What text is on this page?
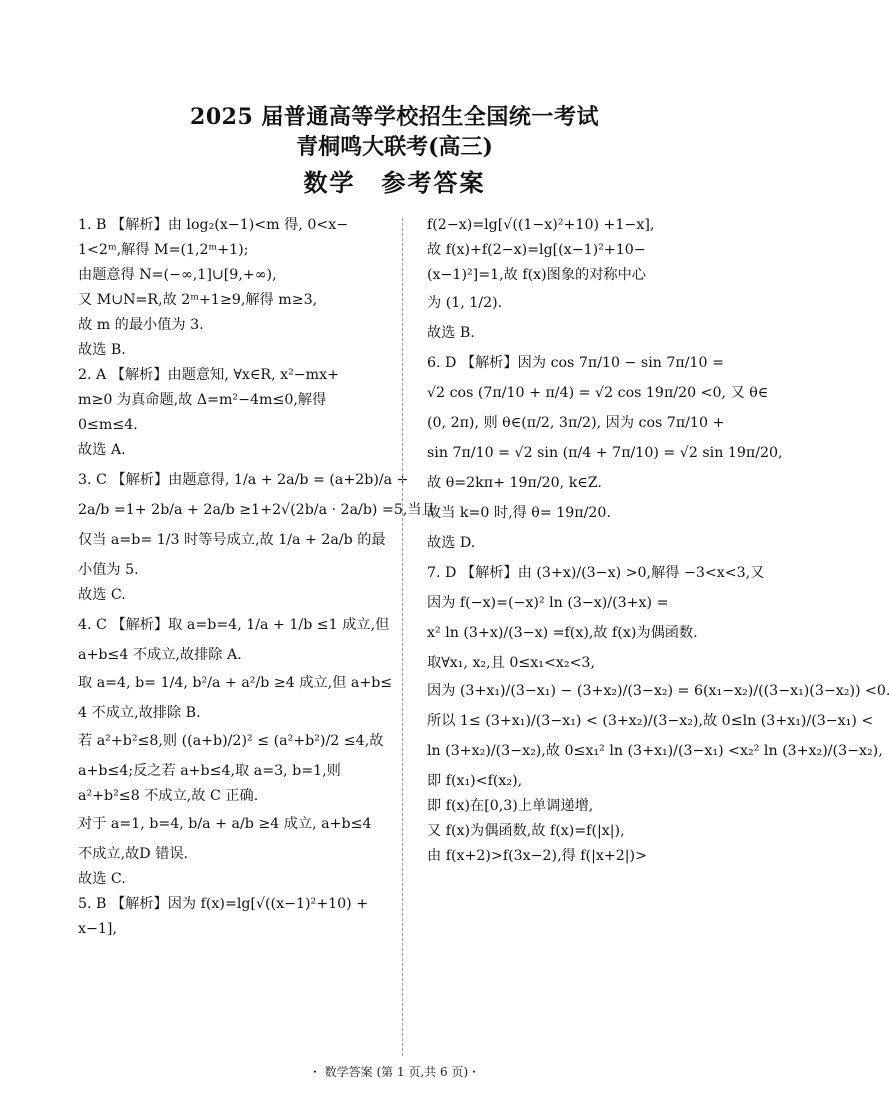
2025 届普通高等学校招生全国统一考试
青桐鸣大联考(高三)
数学　参考答案
1. B 【解析】由 log₂(x−1)<m 得, 0<x−
1<2ᵐ,解得 M=(1,2ᵐ+1);
由题意得 N=(−∞,1]∪[9,+∞),
又 M∪N=R,故 2ᵐ+1≥9,解得 m≥3,
故 m 的最小值为 3.
故选 B.
2. A 【解析】由题意知, ∀x∈R, x²−mx+
m≥0 为真命题,故 Δ=m²−4m≤0,解得
0≤m≤4.
故选 A.
3. C 【解析】由题意得, 1/a + 2a/b = (a+2b)/a +
2a/b =1+ 2b/a + 2a/b ≥1+2√(2b/a · 2a/b) =5,当且
仅当 a=b= 1/3 时等号成立,故 1/a + 2a/b 的最
小值为 5.
故选 C.
4. C 【解析】取 a=b=4, 1/a + 1/b ≤1 成立,但
a+b≤4 不成立,故排除 A.
取 a=4, b= 1/4, b²/a + a²/b ≥4 成立,但 a+b≤
4 不成立,故排除 B.
若 a²+b²≤8,则 ((a+b)/2)² ≤ (a²+b²)/2 ≤4,故
a+b≤4;反之若 a+b≤4,取 a=3, b=1,则
a²+b²≤8 不成立,故 C 正确.
对于 a=1, b=4, b/a + a/b ≥4 成立, a+b≤4
不成立,故D 错误.
故选 C.
5. B 【解析】因为 f(x)=lg[√((x−1)²+10) +
x−1],
f(2−x)=lg[√((1−x)²+10) +1−x],
故 f(x)+f(2−x)=lg[(x−1)²+10−
(x−1)²]=1,故 f(x)图象的对称中心
为 (1, 1/2).
故选 B.
6. D 【解析】因为 cos 7π/10 − sin 7π/10 =
√2 cos (7π/10 + π/4) = √2 cos 19π/20 <0, 又 θ∈
(0, 2π), 则 θ∈(π/2, 3π/2), 因为 cos 7π/10 +
sin 7π/10 = √2 sin (π/4 + 7π/10) = √2 sin 19π/20,
故 θ=2kπ+ 19π/20, k∈Z.
故当 k=0 时,得 θ= 19π/20.
故选 D.
7. D 【解析】由 (3+x)/(3−x) >0,解得 −3<x<3,又
因为 f(−x)=(−x)² ln (3−x)/(3+x) =
x² ln (3+x)/(3−x) =f(x),故 f(x)为偶函数.
取∀x₁, x₂,且 0≤x₁<x₂<3,
因为 (3+x₁)/(3−x₁) − (3+x₂)/(3−x₂) = 6(x₁−x₂)/((3−x₁)(3−x₂)) <0.
所以 1≤ (3+x₁)/(3−x₁) < (3+x₂)/(3−x₂),故 0≤ln (3+x₁)/(3−x₁) <
ln (3+x₂)/(3−x₂),故 0≤x₁² ln (3+x₁)/(3−x₁) <x₂² ln (3+x₂)/(3−x₂),
即 f(x₁)<f(x₂),
即 f(x)在[0,3)上单调递增,
又 f(x)为偶函数,故 f(x)=f(|x|),
由 f(x+2)>f(3x−2),得 f(|x+2|)>
・ 数学答案 (第 1 页,共 6 页)・
